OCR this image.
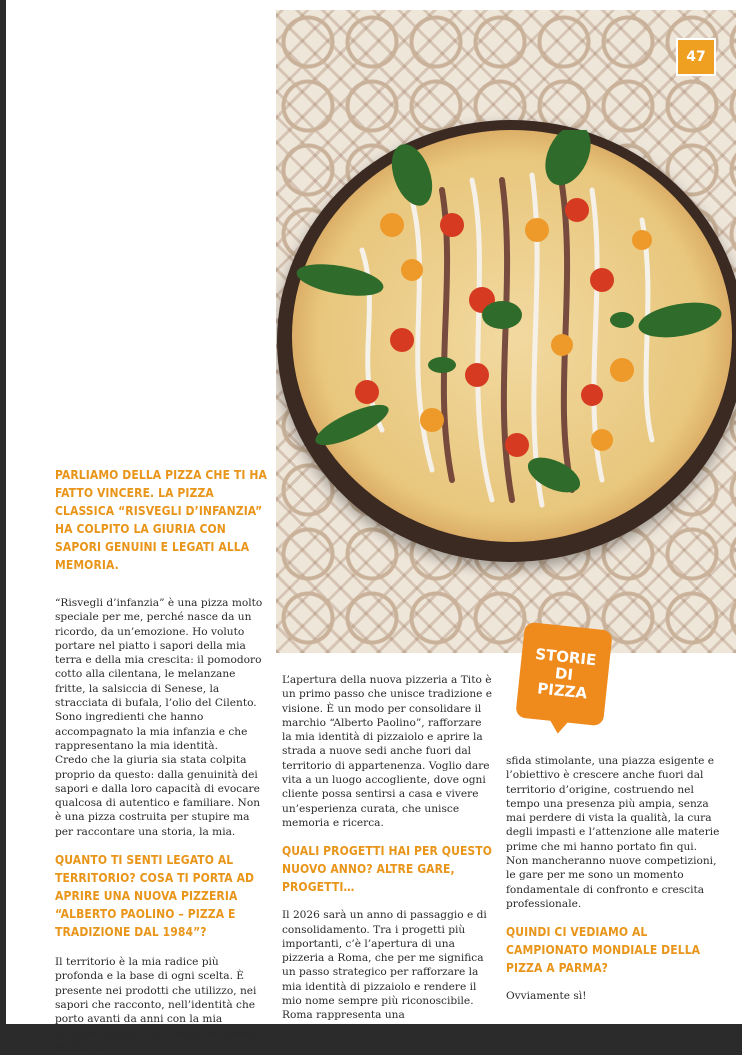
47
STORIE DI PIZZA

PARLIAMO DELLA PIZZA CHE TI HA FATTO VINCERE. LA PIZZA CLASSICA “RISVEGLI D’INFANZIA” HA COLPITO LA GIURIA CON SAPORI GENUINI E LEGATI ALLA MEMORIA.

“Risvegli d’infanzia” è una pizza molto speciale per me, perché nasce da un ricordo, da un’emozione. Ho voluto portare nel piatto i sapori della mia terra e della mia crescita: il pomodoro cotto alla cilentana, le melanzane fritte, la salsiccia di Senese, la stracciata di bufala, l’olio del Cilento. Sono ingredienti che hanno accompagnato la mia infanzia e che rappresentano la mia identità.

Credo che la giuria sia stata colpita proprio da questo: dalla genuinità dei sapori e dalla loro capacità di evocare qualcosa di autentico e familiare. Non è una pizza costruita per stupire ma per raccontare una storia, la mia.

QUANTO TI SENTI LEGATO AL TERRITORIO? COSA TI PORTA AD APRIRE UNA NUOVA PIZZERIA “ALBERTO PAOLINO – PIZZA E TRADIZIONE DAL 1984”?

Il territorio è la mia radice più profonda e la base di ogni scelta. È presente nei prodotti che utilizzo, nei sapori che racconto, nell’identità che porto avanti da anni con la mia pizzeria storica “Las Vegas da Alberto Paolino”.

L’apertura della nuova pizzeria a Tito è un primo passo che unisce tradizione e visione. È un modo per consolidare il marchio “Alberto Paolino”, rafforzare la mia identità di pizzaiolo e aprire la strada a nuove sedi anche fuori dal territorio di appartenenza. Voglio dare vita a un luogo accogliente, dove ogni cliente possa sentirsi a casa e vivere un’esperienza curata, che unisce memoria e ricerca.

QUALI PROGETTI HAI PER QUESTO NUOVO ANNO? ALTRE GARE, PROGETTI…

Il 2026 sarà un anno di passaggio e di consolidamento. Tra i progetti più importanti, c’è l’apertura di una pizzeria a Roma, che per me significa un passo strategico per rafforzare la mia identità di pizzaiolo e rendere il mio nome sempre più riconoscibile. Roma rappresenta una

sfida stimolante, una piazza esigente e l’obiettivo è crescere anche fuori dal territorio d’origine, costruendo nel tempo una presenza più ampia, senza mai perdere di vista la qualità, la cura degli impasti e l’attenzione alle materie prime che mi hanno portato fin qui. Non mancheranno nuove competizioni, le gare per me sono un momento fondamentale di confronto e crescita professionale.

QUINDI CI VEDIAMO AL CAMPIONATO MONDIALE DELLA PIZZA A PARMA?

Ovviamente sì!
